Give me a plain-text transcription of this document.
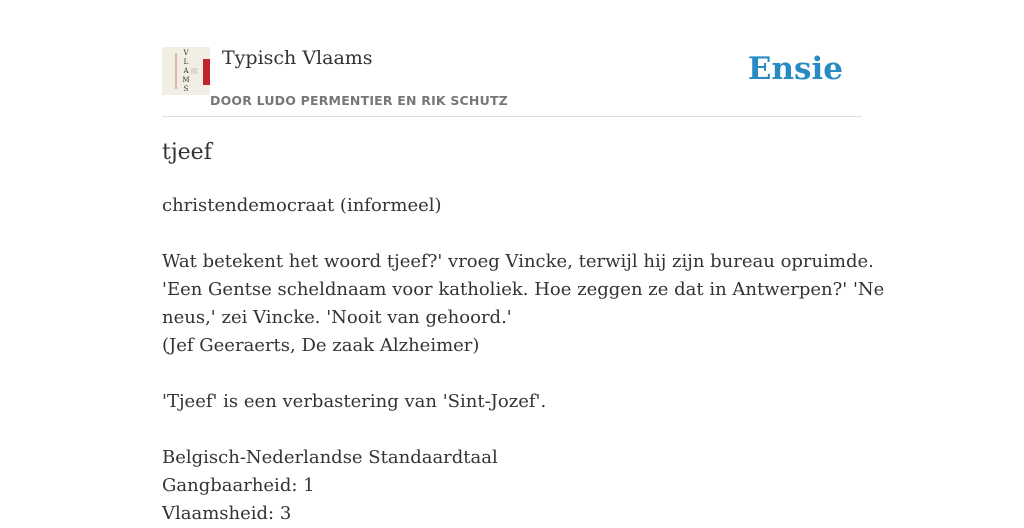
V
L
A
M
S
Typisch Vlaams
DOOR LUDO PERMENTIER EN RIK SCHUTZ
Ensie
tjeef
christendemocraat (informeel)
Wat betekent het woord tjeef?' vroeg Vincke, terwijl hij zijn bureau opruimde.
'Een Gentse scheldnaam voor katholiek. Hoe zeggen ze dat in Antwerpen?' 'Ne
neus,' zei Vincke. 'Nooit van gehoord.'
(Jef Geeraerts, De zaak Alzheimer)
'Tjeef' is een verbastering van 'Sint-Jozef'.
Belgisch-Nederlandse Standaardtaal
Gangbaarheid: 1
Vlaamsheid: 3
